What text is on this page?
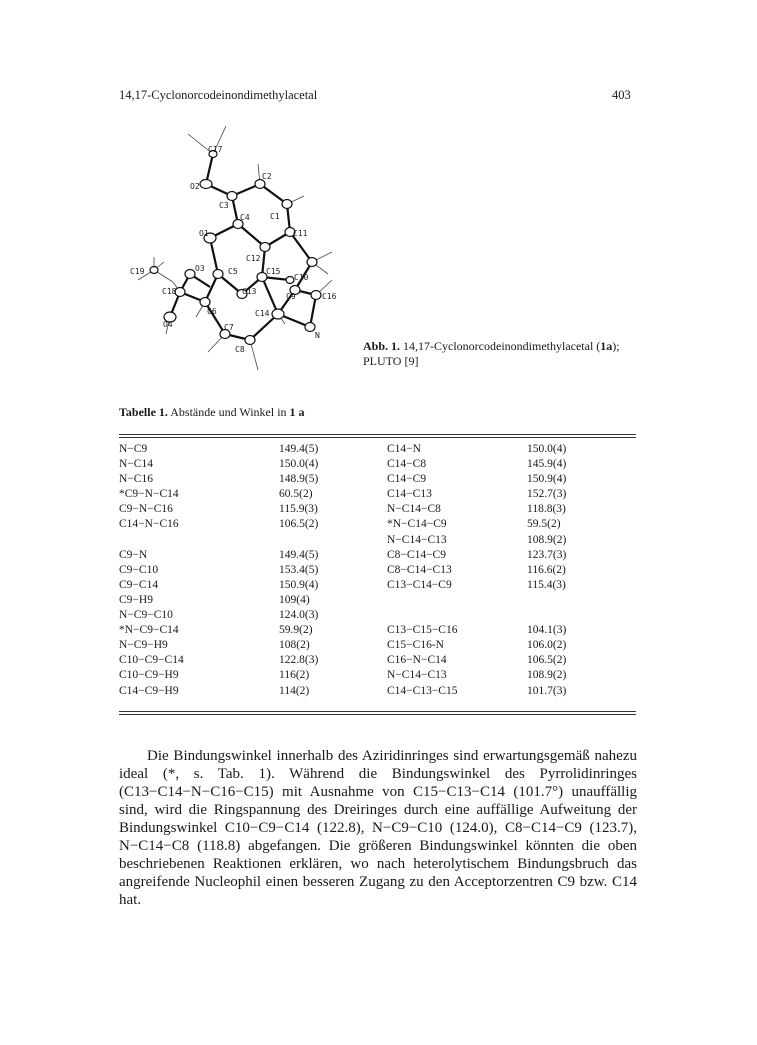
14,17-Cyclonorcodeinondimethylacetal	403
C17
O2
C2
C3
C1
C4
O1	C11
C12
C19	O3	C5	C15
C10
C18	C13
C9	C16
O4
C6	C14
N
C7
C8	Abb. 1. 14,17-Cyclonorcodeinondimethylacetal (1a);
PLUTO [9]
Tabelle 1. Abstände und Winkel in 1 a
N−C9	149.4(5)	C14−N	150.0(4)
N−C14	150.0(4)	C14−C8	145.9(4)
N−C16	148.9(5)	C14−C9	150.9(4)
*C9−N−C14	60.5(2)	C14−C13	152.7(3)
C9−N−C16	115.9(3)	N−C14−C8	118.8(3)
C14−N−C16	106.5(2)	*N−C14−C9	59.5(2)
		N−C14−C13	108.9(2)
C9−N	149.4(5)	C8−C14−C9	123.7(3)
C9−C10	153.4(5)	C8−C14−C13	116.6(2)
C9−C14	150.9(4)	C13−C14−C9	115.4(3)
C9−H9	109(4)		
N−C9−C10	124.0(3)		
*N−C9−C14	59.9(2)	C13−C15−C16	104.1(3)
N−C9−H9	108(2)	C15−C16-N	106.0(2)
C10−C9−C14	122.8(3)	C16−N−C14	106.5(2)
C10−C9−H9	116(2)	N−C14−C13	108.9(2)
C14−C9−H9	114(2)	C14−C13−C15	101.7(3)

Die Bindungswinkel innerhalb des Aziridinringes sind erwartungsgemäß nahezu ideal (*, s. Tab. 1). Während die Bindungswinkel des Pyrrolidinringes (C13−C14−N−C16−C15) mit Ausnahme von C15−C13−C14 (101.7°) unauffällig sind, wird die Ringspannung des Dreiringes durch eine auffällige Aufweitung der Bindungswinkel C10−C9−C14 (122.8), N−C9−C10 (124.0), C8−C14−C9 (123.7), N−C14−C8 (118.8) abgefangen. Die größeren Bindungswinkel könnten die oben beschriebenen Reaktionen erklären, wo nach heterolytischem Bindungsbruch das angreifende Nucleophil einen besseren Zugang zu den Acceptorzentren C9 bzw. C14 hat.
